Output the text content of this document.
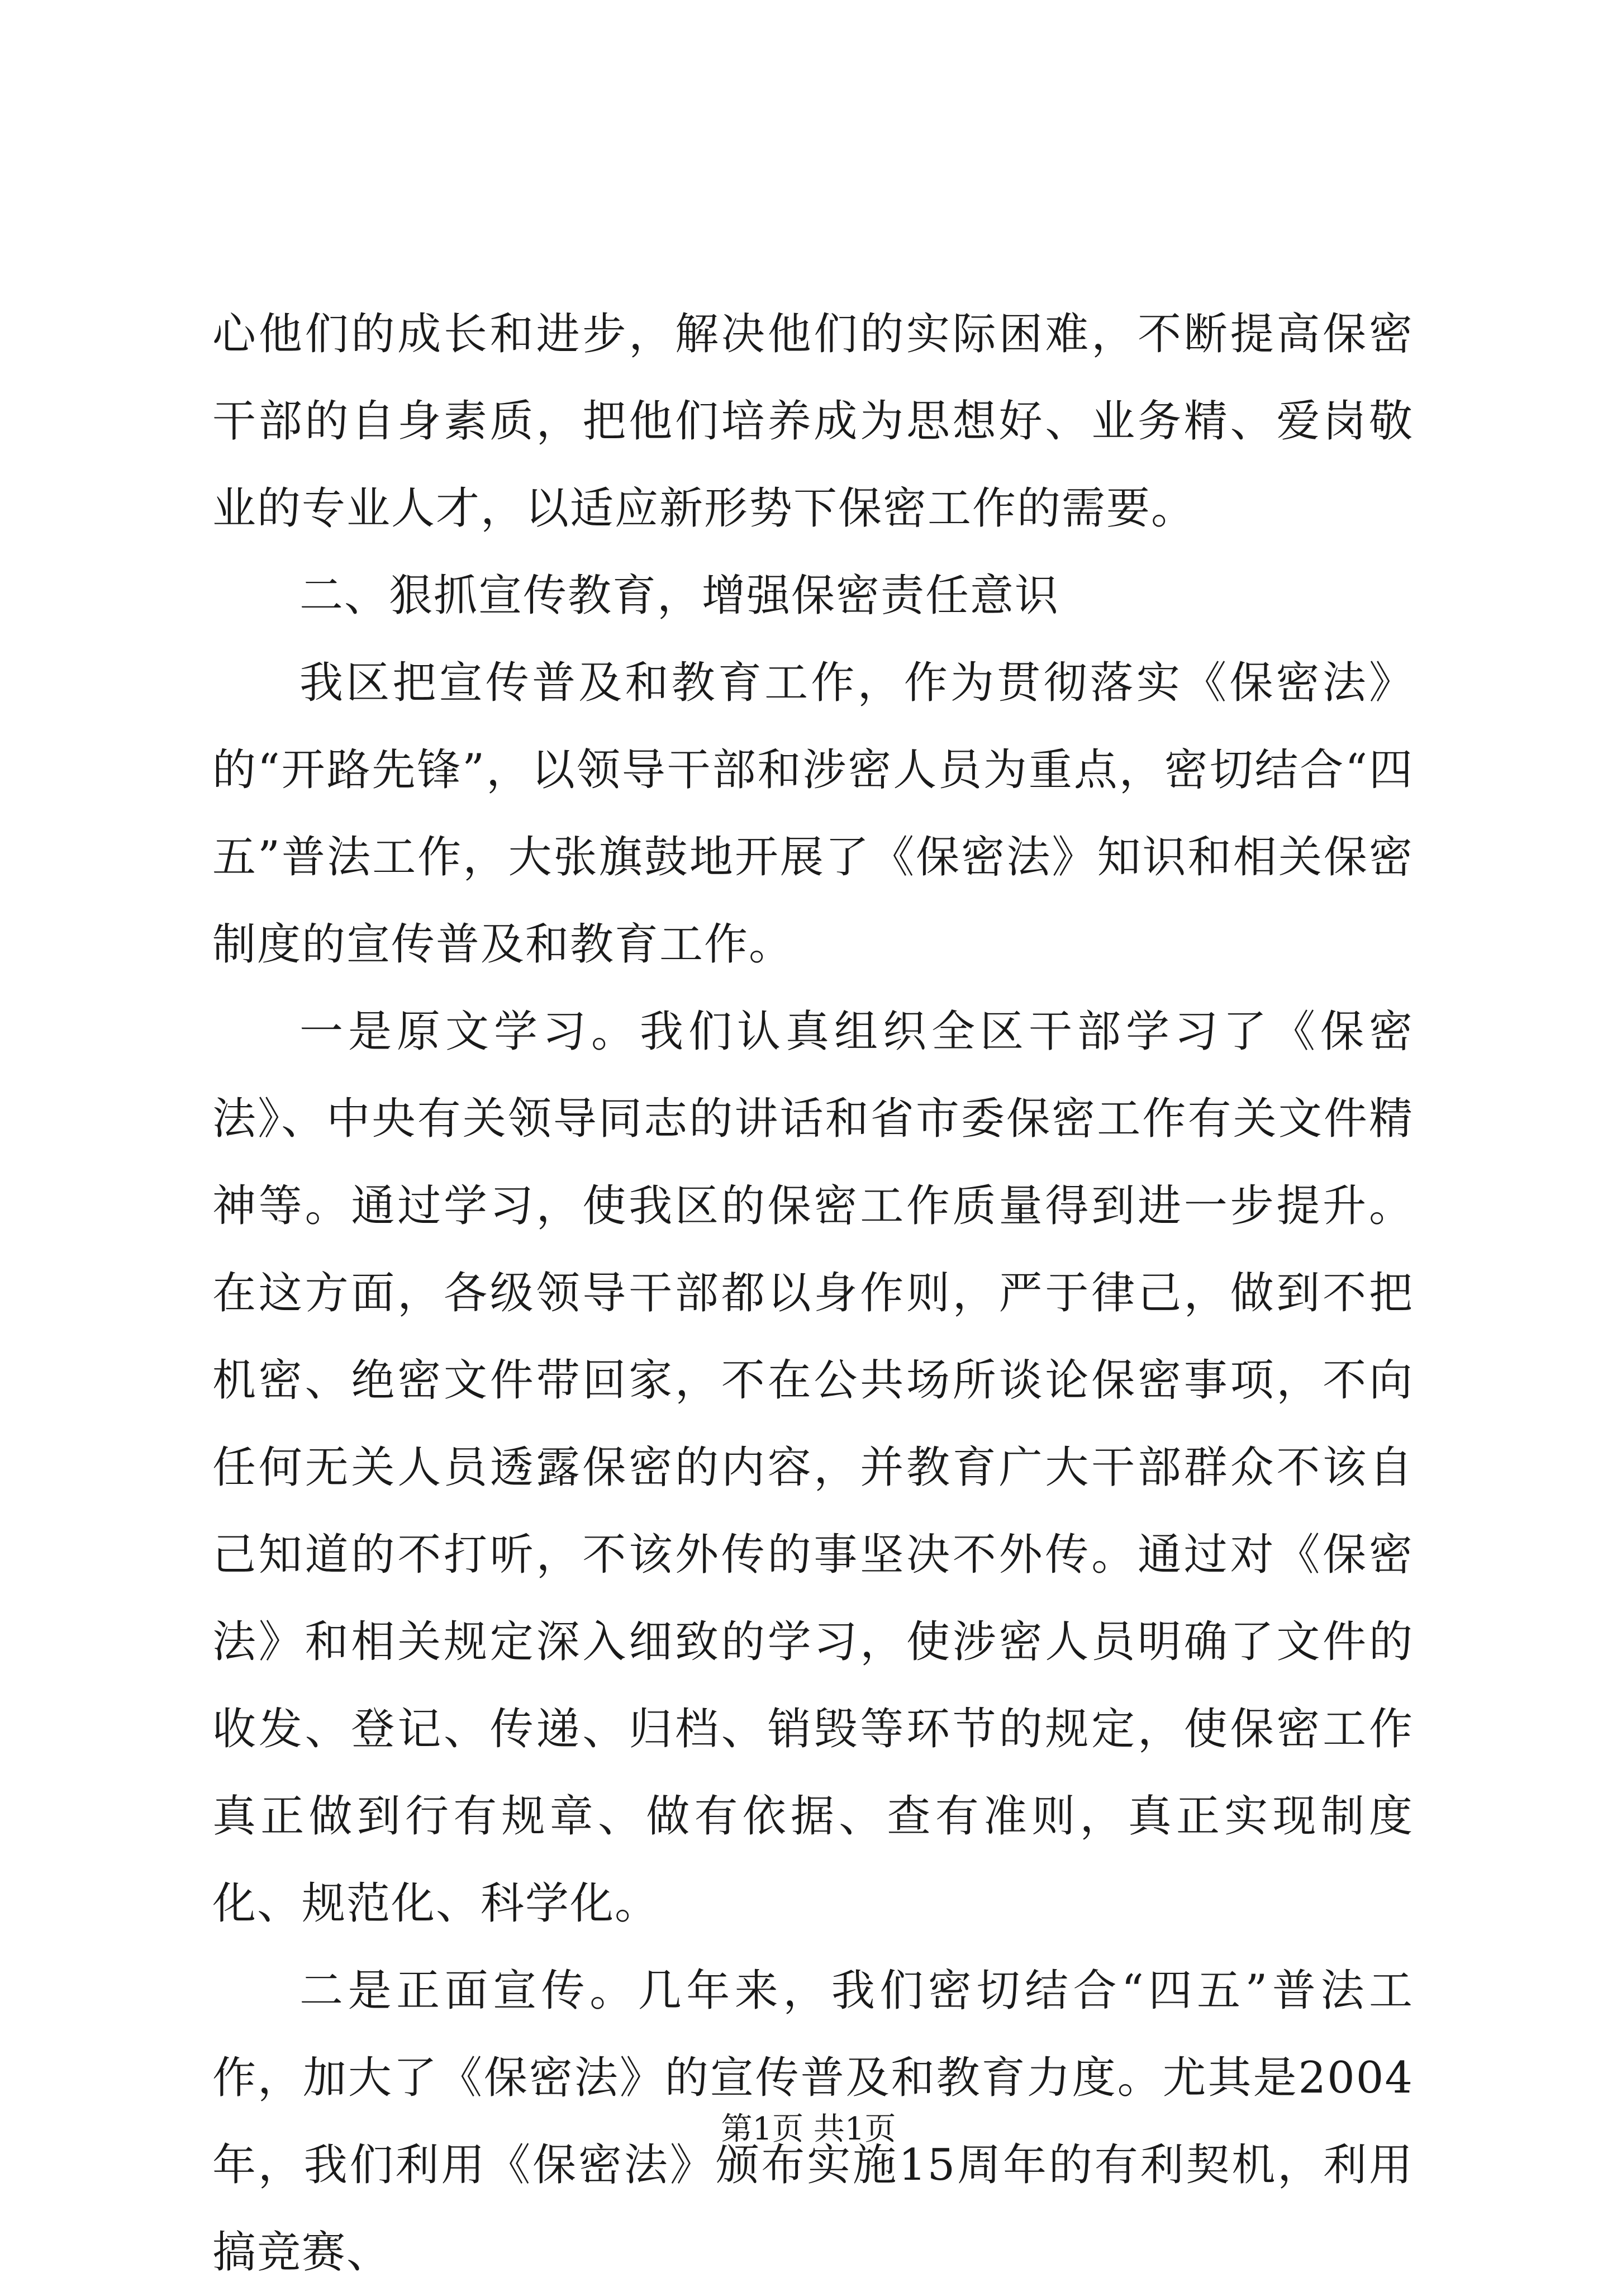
心他们的成长和进步，解决他们的实际困难，不断提高保密干部的自身素质，把他们培养成为思想好、业务精、爱岗敬业的专业人才，以适应新形势下保密工作的需要。

二、狠抓宣传教育，增强保密责任意识

我区把宣传普及和教育工作，作为贯彻落实《保密法》的“开路先锋”，以领导干部和涉密人员为重点，密切结合“四五”普法工作，大张旗鼓地开展了《保密法》知识和相关保密制度的宣传普及和教育工作。

一是原文学习。我们认真组织全区干部学习了《保密法》、中央有关领导同志的讲话和省市委保密工作有关文件精神等。通过学习，使我区的保密工作质量得到进一步提升。在这方面，各级领导干部都以身作则，严于律己，做到不把机密、绝密文件带回家，不在公共场所谈论保密事项，不向任何无关人员透露保密的内容，并教育广大干部群众不该自己知道的不打听，不该外传的事坚决不外传。通过对《保密法》和相关规定深入细致的学习，使涉密人员明确了文件的收发、登记、传递、归档、销毁等环节的规定，使保密工作真正做到行有规章、做有依据、查有准则，真正实现制度化、规范化、科学化。

二是正面宣传。几年来，我们密切结合“四五”普法工作，加大了《保密法》的宣传普及和教育力度。尤其是2004年，我们利用《保密法》颁布实施15周年的有利契机，利用搞竞赛、

第1页 共1页
